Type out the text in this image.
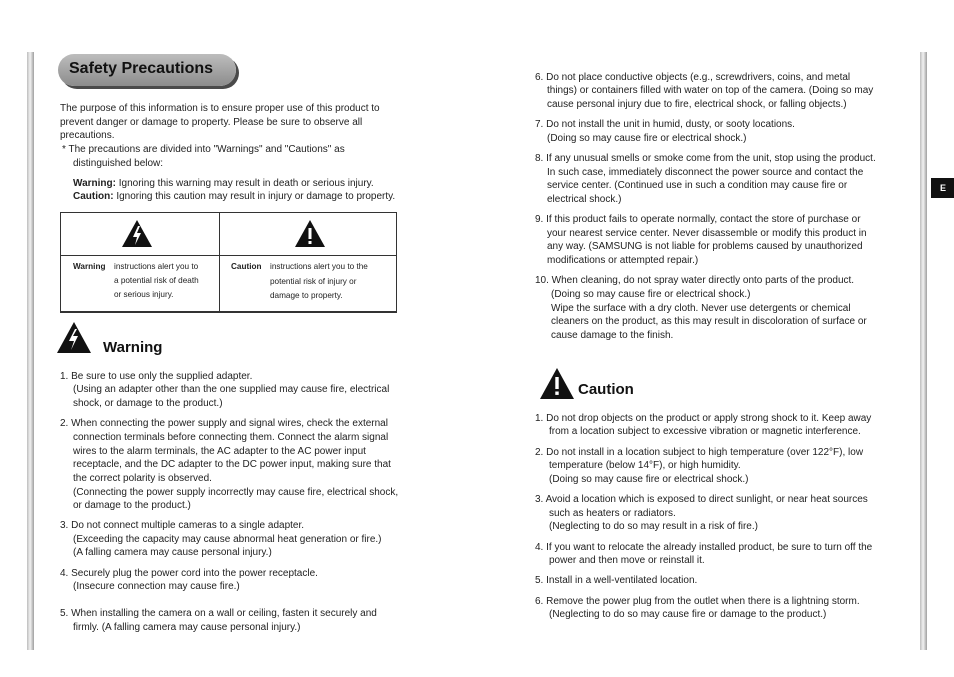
Safety Precautions
The purpose of this information is to ensure proper use of this product to
prevent danger or damage to property. Please be sure to observe all
precautions.
* The precautions are divided into "Warnings" and "Cautions" as
distinguished below:
Warning: Ignoring this warning may result in death or serious injury.
Caution: Ignoring this caution may result in injury or damage to property.
Warning instructions alert you to
a potential risk of death
or serious injury.
Caution instructions alert you to the
potential risk of injury or
damage to property.
Warning
1. Be sure to use only the supplied adapter.
(Using an adapter other than the one supplied may cause fire, electrical
shock, or damage to the product.)
2. When connecting the power supply and signal wires, check the external
connection terminals before connecting them. Connect the alarm signal
wires to the alarm terminals, the AC adapter to the AC power input
receptacle, and the DC adapter to the DC power input, making sure that
the correct polarity is observed.
(Connecting the power supply incorrectly may cause fire, electrical shock,
or damage to the product.)
3. Do not connect multiple cameras to a single adapter.
(Exceeding the capacity may cause abnormal heat generation or fire.)
(A falling camera may cause personal injury.)
4. Securely plug the power cord into the power receptacle.
(Insecure connection may cause fire.)
5. When installing the camera on a wall or ceiling, fasten it securely and
firmly. (A falling camera may cause personal injury.)
6. Do not place conductive objects (e.g., screwdrivers, coins, and metal
things) or containers filled with water on top of the camera. (Doing so may
cause personal injury due to fire, electrical shock, or falling objects.)
7. Do not install the unit in humid, dusty, or sooty locations.
(Doing so may cause fire or electrical shock.)
8. If any unusual smells or smoke come from the unit, stop using the product.
In such case, immediately disconnect the power source and contact the
service center. (Continued use in such a condition may cause fire or
electrical shock.)
9. If this product fails to operate normally, contact the store of purchase or
your nearest service center. Never disassemble or modify this product in
any way. (SAMSUNG is not liable for problems caused by unauthorized
modifications or attempted repair.)
10. When cleaning, do not spray water directly onto parts of the product.
(Doing so may cause fire or electrical shock.)
Wipe the surface with a dry cloth. Never use detergents or chemical
cleaners on the product, as this may result in discoloration of surface or
cause damage to the finish.
Caution
1. Do not drop objects on the product or apply strong shock to it. Keep away
from a location subject to excessive vibration or magnetic interference.
2. Do not install in a location subject to high temperature (over 122°F), low
temperature (below 14°F), or high humidity.
(Doing so may cause fire or electrical shock.)
3. Avoid a location which is exposed to direct sunlight, or near heat sources
such as heaters or radiators.
(Neglecting to do so may result in a risk of fire.)
4. If you want to relocate the already installed product, be sure to turn off the
power and then move or reinstall it.
5. Install in a well-ventilated location.
6. Remove the power plug from the outlet when there is a lightning storm.
(Neglecting to do so may cause fire or damage to the product.)
E
